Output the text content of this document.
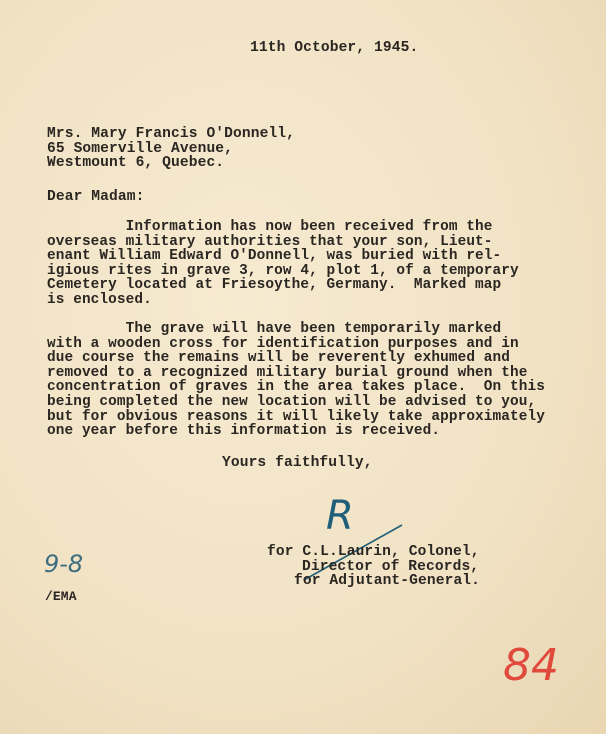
11th October, 1945.
Mrs. Mary Francis O'Donnell,
65 Somerville Avenue,
Westmount 6, Quebec.
Dear Madam:
Information has now been received from the
overseas military authorities that your son, Lieut-
enant William Edward O'Donnell, was buried with rel-
igious rites in grave 3, row 4, plot 1, of a temporary
Cemetery located at Friesoythe, Germany.  Marked map
is enclosed.
The grave will have been temporarily marked
with a wooden cross for identification purposes and in
due course the remains will be reverently exhumed and
removed to a recognized military burial ground when the
concentration of graves in the area takes place.  On this
being completed the new location will be advised to you,
but for obvious reasons it will likely take approximately
one year before this information is received.
Yours faithfully,
R
for C.L.Laurin, Colonel,
Director of Records,
for Adjutant-General.
9-8
/EMA
84
